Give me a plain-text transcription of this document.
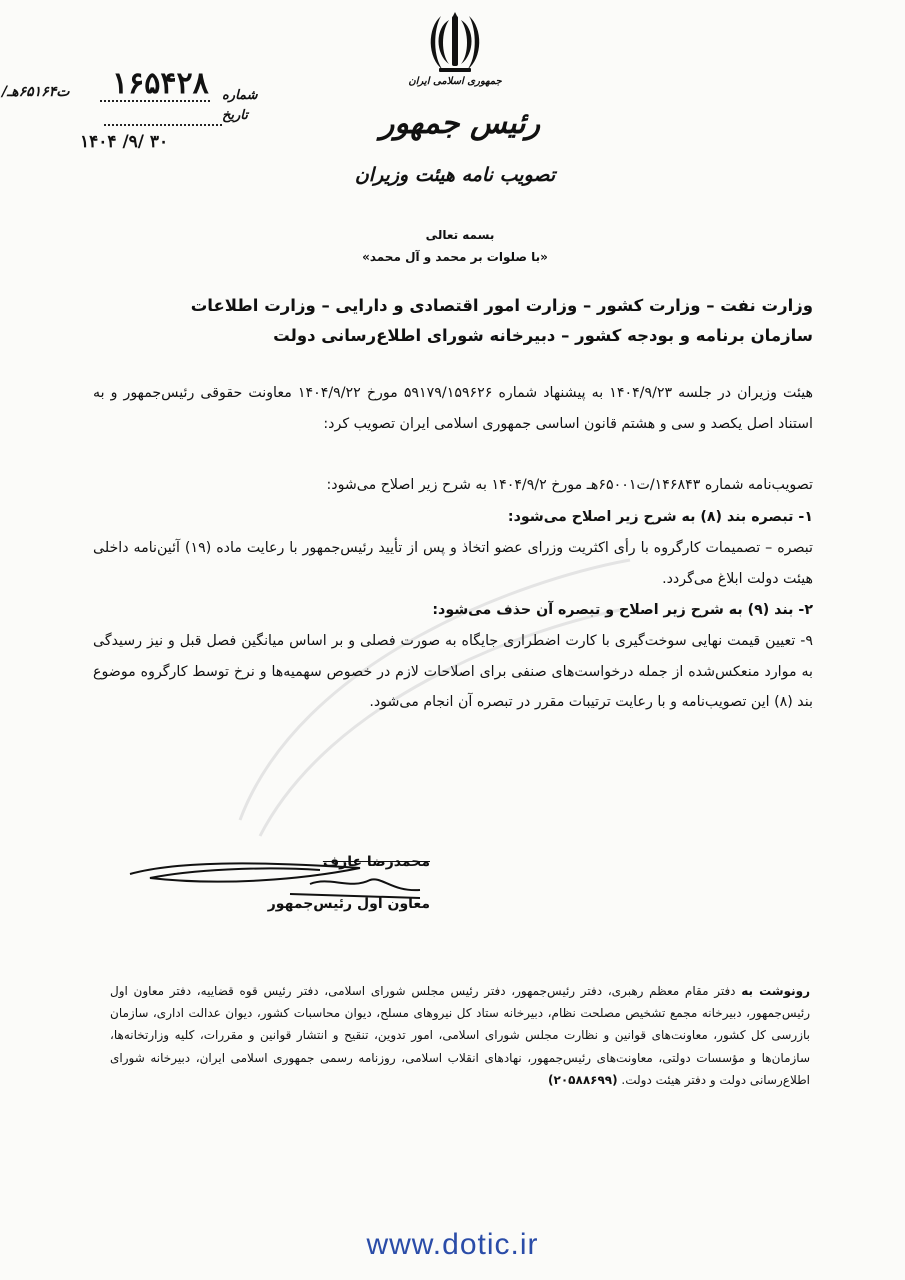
/ت۶۵۱۶۴هـ ۱۶۵۴۲۸ شماره
تاریخ
۱۴۰۴ /۹/ ۳۰
جمهوری اسلامی ایران
رئیس جمهور
تصویب نامه هیئت وزیران
بسمه تعالی
«با صلوات بر محمد و آل محمد»
وزارت نفت – وزارت کشور – وزارت امور اقتصادی و دارایی – وزارت اطلاعات
سازمان برنامه و بودجه کشور – دبیرخانه شورای اطلاع‌رسانی دولت

هیئت وزیران در جلسه ۱۴۰۴/۹/۲۳ به پیشنهاد شماره ۵۹۱۷۹/۱۵۹۶۲۶ مورخ ۱۴۰۴/۹/۲۲ معاونت حقوقی رئیس‌جمهور و به استناد اصل یکصد و سی و هشتم قانون اساسی جمهوری اسلامی ایران تصویب کرد:

تصویب‌نامه شماره ۱۴۶۸۴۳/ت۶۵۰۰۱هـ مورخ ۱۴۰۴/۹/۲ به شرح زیر اصلاح می‌شود:

۱- تبصره بند (۸) به شرح زیر اصلاح می‌شود:

تبصره – تصمیمات کارگروه با رأی اکثریت وزرای عضو اتخاذ و پس از تأیید رئیس‌جمهور با رعایت ماده (۱۹) آئین‌نامه داخلی هیئت دولت ابلاغ می‌گردد.

۲- بند (۹) به شرح زیر اصلاح و تبصره آن حذف می‌شود:

۹- تعیین قیمت نهایی سوخت‌گیری با کارت اضطراری جایگاه به صورت فصلی و بر اساس میانگین فصل قبل و نیز رسیدگی به موارد منعکس‌شده از جمله درخواست‌های صنفی برای اصلاحات لازم در خصوص سهمیه‌ها و نرخ توسط کارگروه موضوع بند (۸) این تصویب‌نامه و با رعایت ترتیبات مقرر در تبصره آن انجام می‌شود.

محمدرضا عارف
معاون اول رئیس‌جمهور
رونوشت به دفتر مقام معظم رهبری، دفتر رئیس‌جمهور، دفتر رئیس مجلس شورای اسلامی، دفتر رئیس قوه قضاییه، دفتر معاون اول رئیس‌جمهور، دبیرخانه مجمع تشخیص مصلحت نظام، دبیرخانه ستاد کل نیروهای مسلح، دیوان محاسبات کشور، دیوان عدالت اداری، سازمان بازرسی کل کشور، معاونت‌های قوانین و نظارت مجلس شورای اسلامی، امور تدوین، تنقیح و انتشار قوانین و مقررات، کلیه وزارتخانه‌ها، سازمان‌ها و مؤسسات دولتی، معاونت‌های رئیس‌جمهور، نهادهای انقلاب اسلامی، روزنامه رسمی جمهوری اسلامی ایران، دبیرخانه شورای اطلاع‌رسانی دولت و دفتر هیئت دولت. (۲۰۵۸۸۶۹۹)
www.dotic.ir
